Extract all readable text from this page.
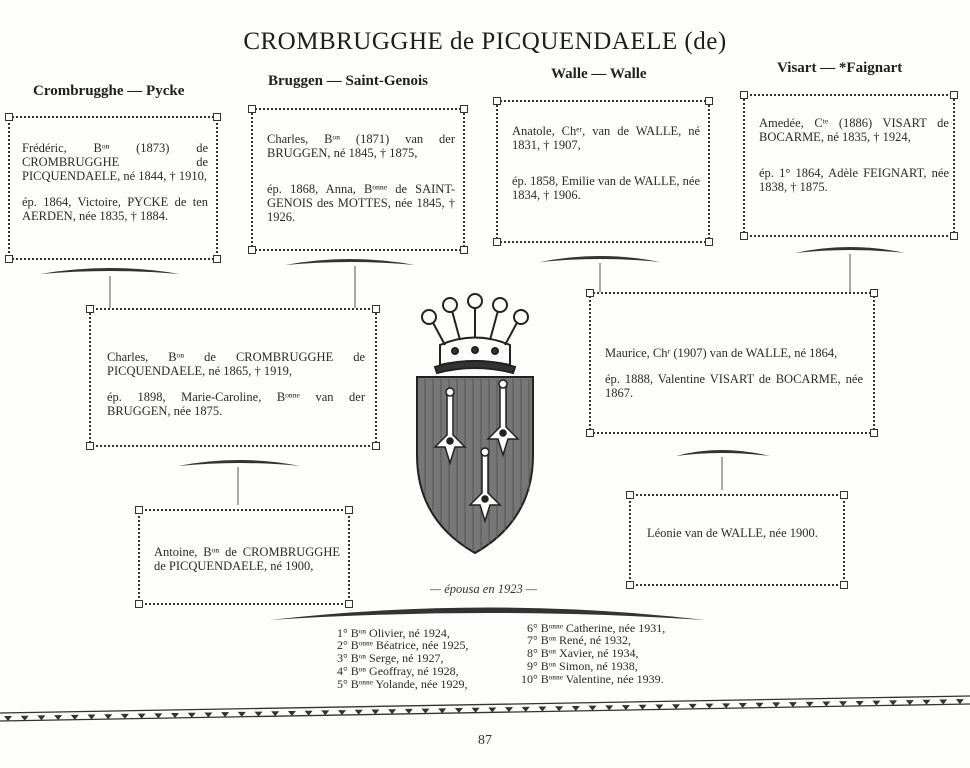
CROMBRUGGHE de PICQUENDAELE (de)
Crombrugghe — Pycke
Bruggen — Saint-Genois	Walle — Walle	Visart — *Faignart
Frédéric, Bᵒⁿ (1873) de CROMBRUGGHE de PICQUENDAELE, né 1844, † 1910,
ép. 1864, Victoire, PYCKE de ten AERDEN, née 1835, † 1884.
Charles, Bᵒⁿ (1871) van der BRUGGEN, né 1845, † 1875,
ép. 1868, Anna, Bᵒⁿⁿᵉ de SAINT-GENOIS des MOTTES, née 1845, † 1926.
Anatole, Chᵉʳ, van de WALLE, né 1831, † 1907,
ép. 1858, Emilie van de WALLE, née 1834, † 1906.
Amedée, Cᵗᵉ (1886) VISART de BOCARME, né 1835, † 1924,
ép. 1° 1864, Adèle FEIGNART, née 1838, † 1875.
Charles, Bᵒⁿ de CROMBRUGGHE de PICQUENDAELE, né 1865, † 1919,
ép. 1898, Marie-Caroline, Bᵒⁿⁿᵉ van der BRUGGEN, née 1875.
Maurice, Chʳ (1907) van de WALLE, né 1864,
ép. 1888, Valentine VISART de BOCARME, née 1867.
Antoine, Bᵒⁿ de CROMBRUGGHE de PICQUENDAELE, né 1900,
Léonie van de WALLE, née 1900.
— épousa en 1923 —
1° Bᵒⁿ Olivier, né 1924,
2° Bᵒⁿⁿᵉ Béatrice, née 1925,
3° Bᵒⁿ Serge, né 1927,
4° Bᵒⁿ Geoffray, né 1928,
5° Bᵒⁿⁿᵉ Yolande, née 1929,
6° Bᵒⁿⁿᵉ Catherine, née 1931,
7° Bᵒⁿ René, né 1932,
8° Bᵒⁿ Xavier, né 1934,
9° Bᵒⁿ Simon, né 1938,
10° Bᵒⁿⁿᵉ Valentine, née 1939.
87
